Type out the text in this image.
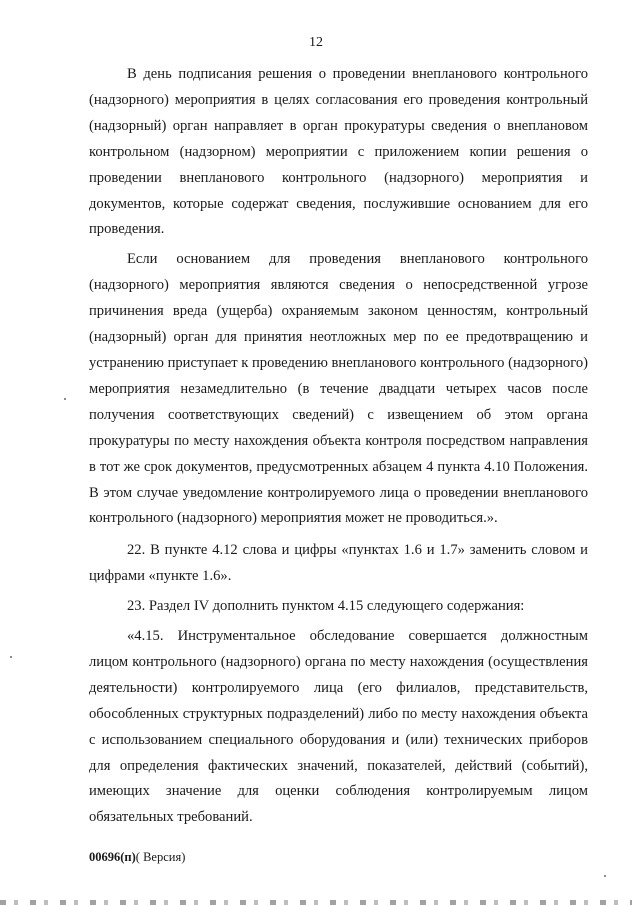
12

В день подписания решения о проведении внепланового контрольного (надзорного) мероприятия в целях согласования его проведения контрольный (надзорный) орган направляет в орган прокуратуры сведения о внеплановом контрольном (надзорном) мероприятии с приложением копии решения о проведении внепланового контрольного (надзорного) мероприятия и документов, которые содержат сведения, послужившие основанием для его проведения.

Если основанием для проведения внепланового контрольного (надзорного) мероприятия являются сведения о непосредственной угрозе причинения вреда (ущерба) охраняемым законом ценностям, контрольный (надзорный) орган для принятия неотложных мер по ее предотвращению и устранению приступает к проведению внепланового контрольного (надзорного) мероприятия незамедлительно (в течение двадцати четырех часов после получения соответствующих сведений) с извещением об этом органа прокуратуры по месту нахождения объекта контроля посредством направления в тот же срок документов, предусмотренных абзацем 4 пункта 4.10 Положения. В этом случае уведомление контролируемого лица о проведении внепланового контрольного (надзорного) мероприятия может не проводиться.».

22. В пункте 4.12 слова и цифры «пунктах 1.6 и 1.7» заменить словом и цифрами «пункте 1.6».

23. Раздел IV дополнить пунктом 4.15 следующего содержания:

«4.15. Инструментальное обследование совершается должностным лицом контрольного (надзорного) органа по месту нахождения (осуществления деятельности) контролируемого лица (его филиалов, представительств, обособленных структурных подразделений) либо по месту нахождения объекта с использованием специального оборудования и (или) технических приборов для определения фактических значений, показателей, действий (событий), имеющих значение для оценки соблюдения контролируемым лицом обязательных требований.

00696(п)( Версия)
